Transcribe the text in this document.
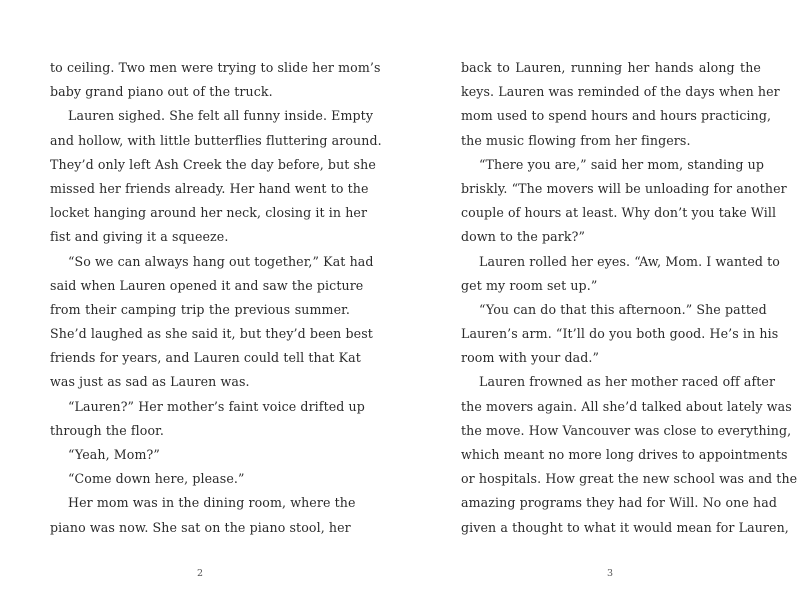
to ceiling. Two men were trying to slide her mom’s
baby grand piano out of the truck.
Lauren sighed. She felt all funny inside. Empty
and hollow, with little butterflies fluttering around.
They’d only left Ash Creek the day before, but she
missed her friends already. Her hand went to the
locket hanging around her neck, closing it in her
fist and giving it a squeeze.
“So we can always hang out together,” Kat had
said when Lauren opened it and saw the picture
from their camping trip the previous summer.
She’d laughed as she said it, but they’d been best
friends for years, and Lauren could tell that Kat
was just as sad as Lauren was.
“Lauren?” Her mother’s faint voice drifted up
through the floor.
“Yeah, Mom?”
“Come down here, please.”
Her mom was in the dining room, where the
piano was now. She sat on the piano stool, her
back to Lauren, running her hands along the
keys. Lauren was reminded of the days when her
mom used to spend hours and hours practicing,
the music flowing from her fingers.
“There you are,” said her mom, standing up
briskly. “The movers will be unloading for another
couple of hours at least. Why don’t you take Will
down to the park?”
Lauren rolled her eyes. “Aw, Mom. I wanted to
get my room set up.”
“You can do that this afternoon.” She patted
Lauren’s arm. “It’ll do you both good. He’s in his
room with your dad.”
Lauren frowned as her mother raced off after
the movers again. All she’d talked about lately was
the move. How Vancouver was close to everything,
which meant no more long drives to appointments
or hospitals. How great the new school was and the
amazing programs they had for Will. No one had
given a thought to what it would mean for Lauren,
2	3
